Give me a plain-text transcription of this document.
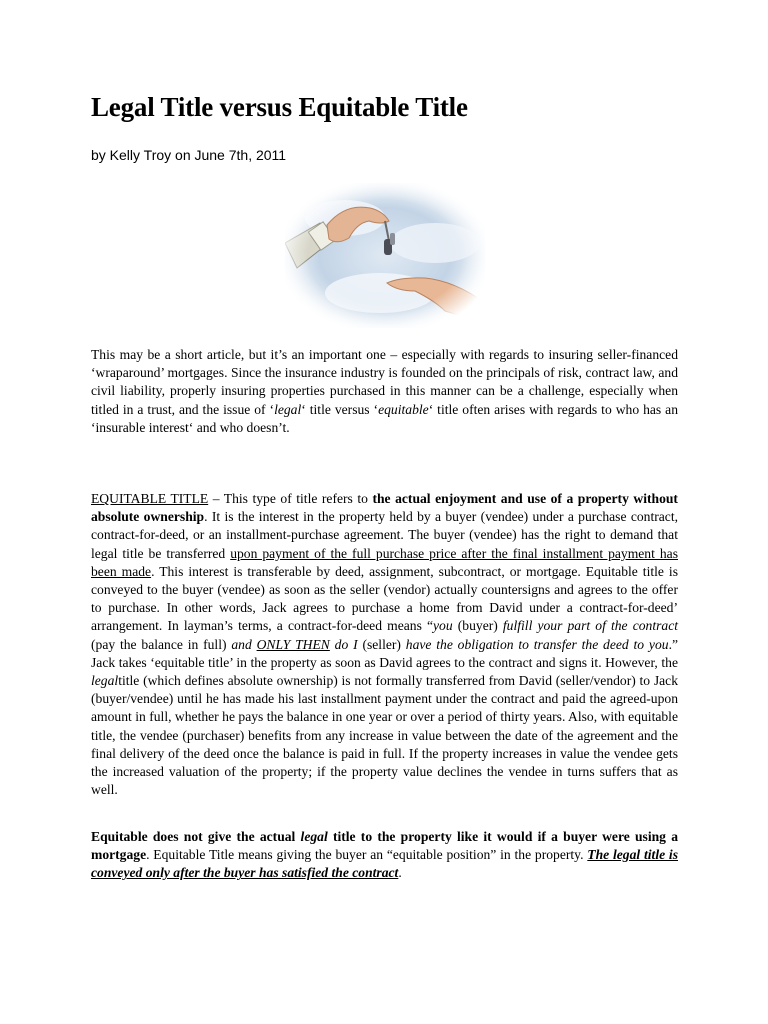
Legal Title versus Equitable Title
by Kelly Troy on June 7th, 2011

This may be a short article, but it’s an important one – especially with regards to insuring seller-financed ‘wraparound’ mortgages. Since the insurance industry is founded on the principals of risk, contract law, and civil liability, properly insuring properties purchased in this manner can be a challenge, especially when titled in a trust, and the issue of ‘legal‘ title versus ‘equitable‘ title often arises with regards to who has an ‘insurable interest‘ and who doesn’t.

EQUITABLE TITLE – This type of title refers to the actual enjoyment and use of a property without absolute ownership. It is the interest in the property held by a buyer (vendee) under a purchase contract, contract-for-deed, or an installment-purchase agreement. The buyer (vendee) has the right to demand that legal title be transferred upon payment of the full purchase price after the final installment payment has been made. This interest is transferable by deed, assignment, subcontract, or mortgage. Equitable title is conveyed to the buyer (vendee) as soon as the seller (vendor) actually countersigns and agrees to the offer to purchase. In other words, Jack agrees to purchase a home from David under a contract-for-deed’ arrangement. In layman’s terms, a contract-for-deed means “you (buyer) fulfill your part of the contract (pay the balance in full) and ONLY THEN do I (seller) have the obligation to transfer the deed to you.” Jack takes ‘equitable title’ in the property as soon as David agrees to the contract and signs it. However, the legaltitle (which defines absolute ownership) is not formally transferred from David (seller/vendor) to Jack (buyer/vendee) until he has made his last installment payment under the contract and paid the agreed-upon amount in full, whether he pays the balance in one year or over a period of thirty years. Also, with equitable title, the vendee (purchaser) benefits from any increase in value between the date of the agreement and the final delivery of the deed once the balance is paid in full. If the property increases in value the vendee gets the increased valuation of the property; if the property value declines the vendee in turns suffers that as well.

Equitable does not give the actual legal title to the property like it would if a buyer were using a mortgage. Equitable Title means giving the buyer an “equitable position” in the property. The legal title is conveyed only after the buyer has satisfied the contract.
